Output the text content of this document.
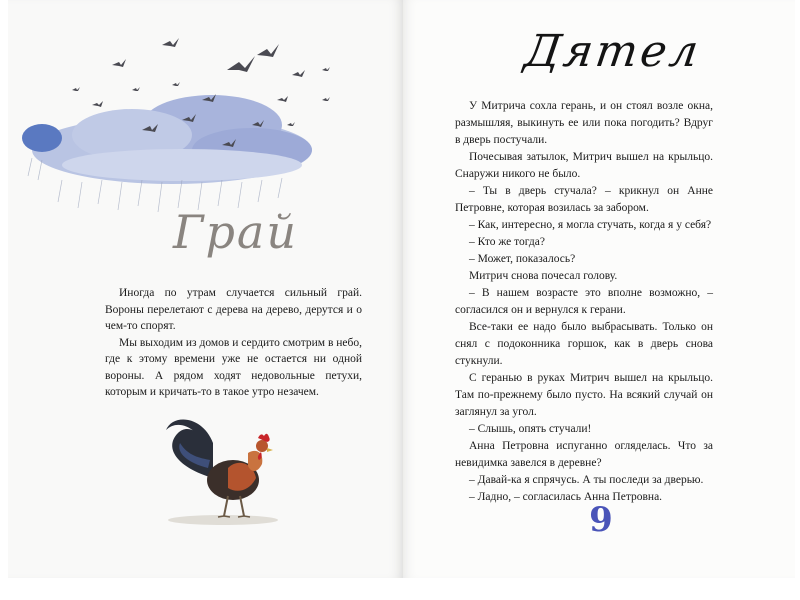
Грай

Иногда по утрам случается сильный грай. Вороны перелетают с дерева на дерево, дерутся и о чем-то спорят.

Мы выходим из домов и сердито смотрим в небо, где к этому времени уже не остается ни одной вороны. А рядом ходят недовольные петухи, которым и кричать-то в такое утро незачем.

Дятел

У Митрича сохла герань, и он стоял возле окна, размышляя, выкинуть ее или пока погодить? Вдруг в дверь постучали.

Почесывая затылок, Митрич вышел на крыльцо. Снаружи никого не было.

– Ты в дверь стучала? – крикнул он Анне Петровне, которая возилась за забором.

– Как, интересно, я могла стучать, когда я у себя?

– Кто же тогда?

– Может, показалось?

Митрич снова почесал голову.

– В нашем возрасте это вполне возможно, – согласился он и вернулся к герани.

Все-таки ее надо было выбрасывать. Только он снял с подоконника горшок, как в дверь снова стукнули.

С геранью в руках Митрич вышел на крыльцо. Там по-прежнему было пусто. На всякий случай он заглянул за угол.

– Слышь, опять стучали!

Анна Петровна испуганно огляделась. Что за невидимка завелся в деревне?

– Давай-ка я спрячусь. А ты последи за дверью.

– Ладно, – согласилась Анна Петровна.

9
